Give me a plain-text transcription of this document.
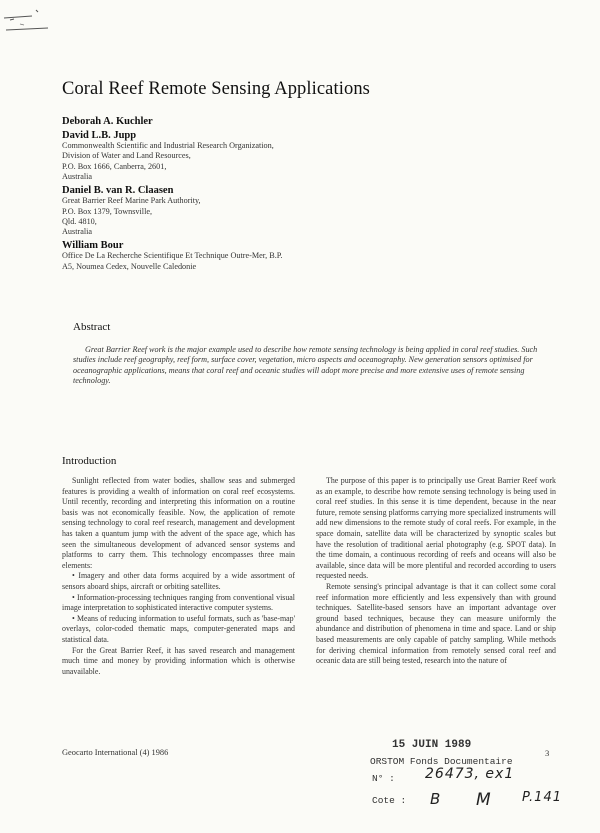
Coral Reef Remote Sensing Applications
Deborah A. Kuchler
David L.B. Jupp
Commonwealth Scientific and Industrial Research Organization,
Division of Water and Land Resources,
P.O. Box 1666, Canberra, 2601,
Australia
Daniel B. van R. Claasen
Great Barrier Reef Marine Park Authority,
P.O. Box 1379, Townsville,
Qld. 4810,
Australia
William Bour
Office De La Recherche Scientifique Et Technique Outre-Mer, B.P.
A5, Noumea Cedex, Nouvelle Caledonie
Abstract
Great Barrier Reef work is the major example used to describe how remote sensing technology is being applied in coral reef studies. Such studies include reef geography, reef form, surface cover, vegetation, micro aspects and oceanography. New generation sensors optimised for oceanographic applications, means that coral reef and oceanic studies will adopt more precise and more extensive uses of remote sensing technology.
Introduction

Sunlight reflected from water bodies, shallow seas and submerged features is providing a wealth of information on coral reef ecosystems. Until recently, recording and interpreting this information on a routine basis was not economically feasible. Now, the application of remote sensing technology to coral reef research, management and development has taken a quantum jump with the advent of the space age, which has seen the simultaneous development of advanced sensor systems and platforms to carry them. This technology encompasses three main elements:

• Imagery and other data forms acquired by a wide assortment of sensors aboard ships, aircraft or orbiting satellites.

• Information-processing techniques ranging from conventional visual image interpretation to sophisticated interactive computer systems.

• Means of reducing information to useful formats, such as 'base-map' overlays, color-coded thematic maps, computer-generated maps and statistical data.

For the Great Barrier Reef, it has saved research and management much time and money by providing information which is otherwise unavailable.

The purpose of this paper is to principally use Great Barrier Reef work as an example, to describe how remote sensing technology is being used in coral reef studies. In this sense it is time dependent, because in the near future, remote sensing platforms carrying more specialized instruments will add new dimensions to the remote study of coral reefs. For example, in the space domain, satellite data will be characterized by synoptic scales but have the resolution of traditional aerial photography (e.g. SPOT data). In the time domain, a continuous recording of reefs and oceans will also be available, since data will be more plentiful and recorded according to users requested needs.

Remote sensing's principal advantage is that it can collect some coral reef information more efficiently and less expensively than with ground techniques. Satellite-based sensors have an important advantage over ground based techniques, because they can measure uniformly the abundance and distribution of phenomena in time and space. Land or ship based measurements are only capable of patchy sampling. While methods for deriving chemical information from remotely sensed coral reef and oceanic data are still being tested, research into the nature of

Geocarto International (4) 1986	3
15 JUIN 1989
ORSTOM Fonds Documentaire
N° : 26473, ex1
Cote : B M P.141
